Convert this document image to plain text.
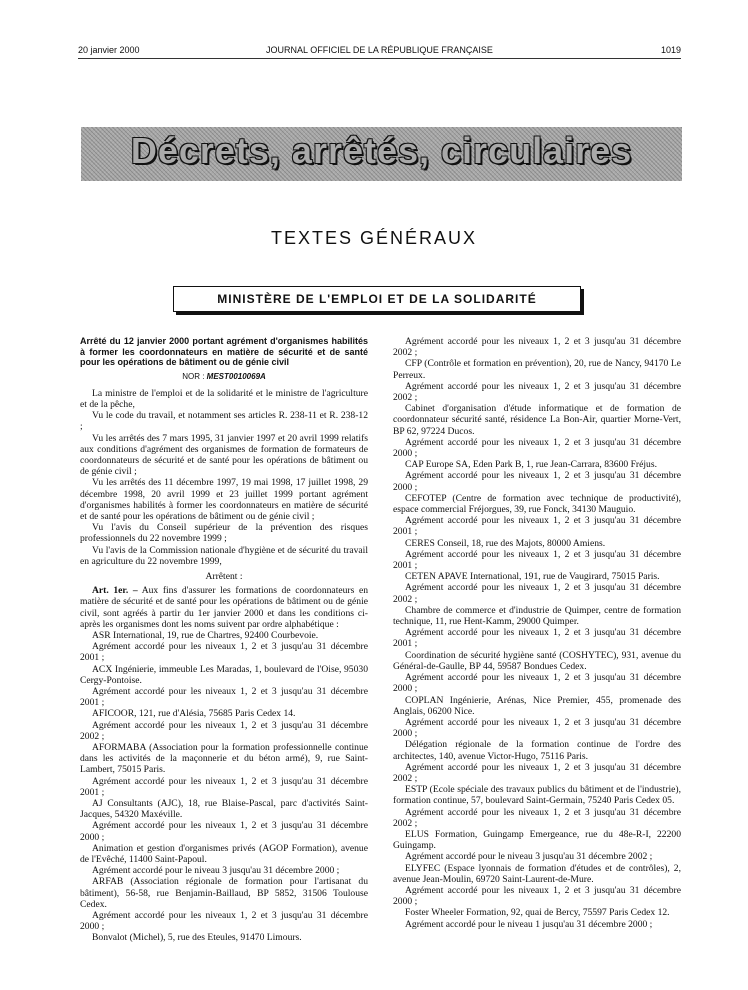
20 janvier 2000	JOURNAL OFFICIEL DE LA RÉPUBLIQUE FRANÇAISE	1019
Décrets, arrêtés, circulaires
TEXTES GÉNÉRAUX
MINISTÈRE DE L'EMPLOI ET DE LA SOLIDARITÉ

Arrêté du 12 janvier 2000 portant agrément d'organismes habilités à former les coordonnateurs en matière de sécurité et de santé pour les opérations de bâtiment ou de génie civil

NOR : MEST0010069A

La ministre de l'emploi et de la solidarité et le ministre de l'agriculture et de la pêche,

Vu le code du travail, et notamment ses articles R. 238-11 et R. 238-12 ;

Vu les arrêtés des 7 mars 1995, 31 janvier 1997 et 20 avril 1999 relatifs aux conditions d'agrément des organismes de formation de formateurs de coordonnateurs de sécurité et de santé pour les opérations de bâtiment ou de génie civil ;

Vu les arrêtés des 11 décembre 1997, 19 mai 1998, 17 juillet 1998, 29 décembre 1998, 20 avril 1999 et 23 juillet 1999 portant agrément d'organismes habilités à former les coordonnateurs en matière de sécurité et de santé pour les opérations de bâtiment ou de génie civil ;

Vu l'avis du Conseil supérieur de la prévention des risques professionnels du 22 novembre 1999 ;

Vu l'avis de la Commission nationale d'hygiène et de sécurité du travail en agriculture du 22 novembre 1999,

Arrêtent :

Art. 1er. – Aux fins d'assurer les formations de coordonnateurs en matière de sécurité et de santé pour les opérations de bâtiment ou de génie civil, sont agréés à partir du 1er janvier 2000 et dans les conditions ci-après les organismes dont les noms suivent par ordre alphabétique :

ASR International, 19, rue de Chartres, 92400 Courbevoie.

Agrément accordé pour les niveaux 1, 2 et 3 jusqu'au 31 décembre 2001 ;

ACX Ingénierie, immeuble Les Maradas, 1, boulevard de l'Oise, 95030 Cergy-Pontoise.

Agrément accordé pour les niveaux 1, 2 et 3 jusqu'au 31 décembre 2001 ;

AFICOOR, 121, rue d'Alésia, 75685 Paris Cedex 14.

Agrément accordé pour les niveaux 1, 2 et 3 jusqu'au 31 décembre 2002 ;

AFORMABA (Association pour la formation professionnelle continue dans les activités de la maçonnerie et du béton armé), 9, rue Saint-Lambert, 75015 Paris.

Agrément accordé pour les niveaux 1, 2 et 3 jusqu'au 31 décembre 2001 ;

AJ Consultants (AJC), 18, rue Blaise-Pascal, parc d'activités Saint-Jacques, 54320 Maxéville.

Agrément accordé pour les niveaux 1, 2 et 3 jusqu'au 31 décembre 2000 ;

Animation et gestion d'organismes privés (AGOP Formation), avenue de l'Evêché, 11400 Saint-Papoul.

Agrément accordé pour le niveau 3 jusqu'au 31 décembre 2000 ;

ARFAB (Association régionale de formation pour l'artisanat du bâtiment), 56-58, rue Benjamin-Baillaud, BP 5852, 31506 Toulouse Cedex.

Agrément accordé pour les niveaux 1, 2 et 3 jusqu'au 31 décembre 2000 ;

Bonvalot (Michel), 5, rue des Eteules, 91470 Limours.

Agrément accordé pour les niveaux 1, 2 et 3 jusqu'au 31 décembre 2002 ;

CFP (Contrôle et formation en prévention), 20, rue de Nancy, 94170 Le Perreux.

Agrément accordé pour les niveaux 1, 2 et 3 jusqu'au 31 décembre 2002 ;

Cabinet d'organisation d'étude informatique et de formation de coordonnateur sécurité santé, résidence La Bon-Air, quartier Morne-Vert, BP 62, 97224 Ducos.

Agrément accordé pour les niveaux 1, 2 et 3 jusqu'au 31 décembre 2000 ;

CAP Europe SA, Eden Park B, 1, rue Jean-Carrara, 83600 Fréjus.

Agrément accordé pour les niveaux 1, 2 et 3 jusqu'au 31 décembre 2000 ;

CEFOTEP (Centre de formation avec technique de productivité), espace commercial Fréjorgues, 39, rue Fonck, 34130 Mauguio.

Agrément accordé pour les niveaux 1, 2 et 3 jusqu'au 31 décembre 2001 ;

CERES Conseil, 18, rue des Majots, 80000 Amiens.

Agrément accordé pour les niveaux 1, 2 et 3 jusqu'au 31 décembre 2001 ;

CETEN APAVE International, 191, rue de Vaugirard, 75015 Paris.

Agrément accordé pour les niveaux 1, 2 et 3 jusqu'au 31 décembre 2002 ;

Chambre de commerce et d'industrie de Quimper, centre de formation technique, 11, rue Hent-Kamm, 29000 Quimper.

Agrément accordé pour les niveaux 1, 2 et 3 jusqu'au 31 décembre 2001 ;

Coordination de sécurité hygiène santé (COSHYTEC), 931, avenue du Général-de-Gaulle, BP 44, 59587 Bondues Cedex.

Agrément accordé pour les niveaux 1, 2 et 3 jusqu'au 31 décembre 2000 ;

COPLAN Ingénierie, Arénas, Nice Premier, 455, promenade des Anglais, 06200 Nice.

Agrément accordé pour les niveaux 1, 2 et 3 jusqu'au 31 décembre 2000 ;

Délégation régionale de la formation continue de l'ordre des architectes, 140, avenue Victor-Hugo, 75116 Paris.

Agrément accordé pour les niveaux 1, 2 et 3 jusqu'au 31 décembre 2002 ;

ESTP (Ecole spéciale des travaux publics du bâtiment et de l'industrie), formation continue, 57, boulevard Saint-Germain, 75240 Paris Cedex 05.

Agrément accordé pour les niveaux 1, 2 et 3 jusqu'au 31 décembre 2002 ;

ELUS Formation, Guingamp Emergeance, rue du 48e-R-I, 22200 Guingamp.

Agrément accordé pour le niveau 3 jusqu'au 31 décembre 2002 ;

ELYFEC (Espace lyonnais de formation d'études et de contrôles), 2, avenue Jean-Moulin, 69720 Saint-Laurent-de-Mure.

Agrément accordé pour les niveaux 1, 2 et 3 jusqu'au 31 décembre 2000 ;

Foster Wheeler Formation, 92, quai de Bercy, 75597 Paris Cedex 12.

Agrément accordé pour le niveau 1 jusqu'au 31 décembre 2000 ;
